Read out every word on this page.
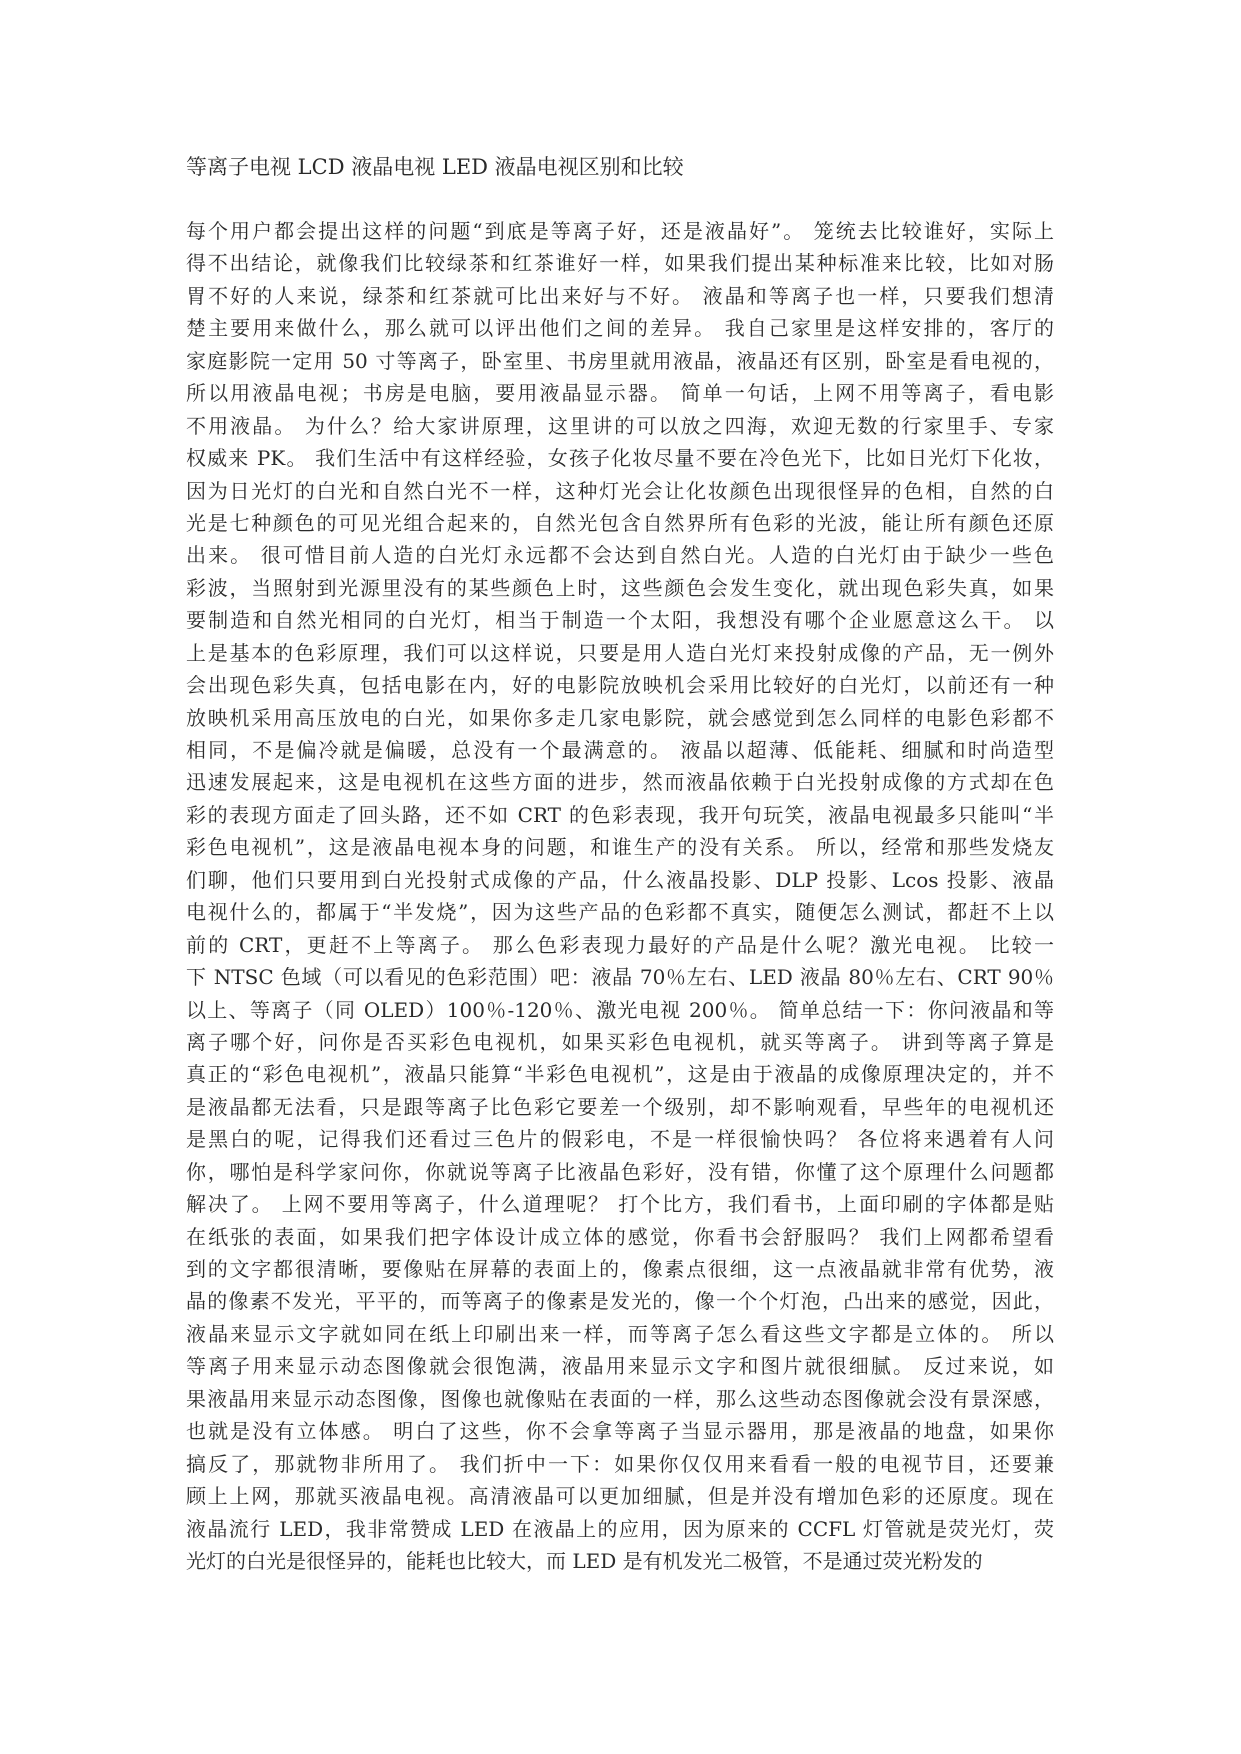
等离子电视 LCD 液晶电视 LED 液晶电视区别和比较
每个用户都会提出这样的问题“到底是等离子好，还是液晶好”。 笼统去比较谁好，实际上
得不出结论，就像我们比较绿茶和红茶谁好一样，如果我们提出某种标准来比较，比如对肠
胃不好的人来说，绿茶和红茶就可比出来好与不好。 液晶和等离子也一样，只要我们想清
楚主要用来做什么，那么就可以评出他们之间的差异。 我自己家里是这样安排的，客厅的
家庭影院一定用 50 寸等离子，卧室里、书房里就用液晶，液晶还有区别，卧室是看电视的，
所以用液晶电视；书房是电脑，要用液晶显示器。 简单一句话，上网不用等离子，看电影
不用液晶。 为什么？给大家讲原理，这里讲的可以放之四海，欢迎无数的行家里手、专家
权威来 PK。 我们生活中有这样经验，女孩子化妆尽量不要在冷色光下，比如日光灯下化妆，
因为日光灯的白光和自然白光不一样，这种灯光会让化妆颜色出现很怪异的色相，自然的白
光是七种颜色的可见光组合起来的，自然光包含自然界所有色彩的光波，能让所有颜色还原
出来。 很可惜目前人造的白光灯永远都不会达到自然白光。人造的白光灯由于缺少一些色
彩波，当照射到光源里没有的某些颜色上时，这些颜色会发生变化，就出现色彩失真，如果
要制造和自然光相同的白光灯，相当于制造一个太阳，我想没有哪个企业愿意这么干。 以
上是基本的色彩原理，我们可以这样说，只要是用人造白光灯来投射成像的产品，无一例外
会出现色彩失真，包括电影在内，好的电影院放映机会采用比较好的白光灯，以前还有一种
放映机采用高压放电的白光，如果你多走几家电影院，就会感觉到怎么同样的电影色彩都不
相同，不是偏冷就是偏暖，总没有一个最满意的。 液晶以超薄、低能耗、细腻和时尚造型
迅速发展起来，这是电视机在这些方面的进步，然而液晶依赖于白光投射成像的方式却在色
彩的表现方面走了回头路，还不如 CRT 的色彩表现，我开句玩笑，液晶电视最多只能叫“半
彩色电视机”，这是液晶电视本身的问题，和谁生产的没有关系。 所以，经常和那些发烧友
们聊，他们只要用到白光投射式成像的产品，什么液晶投影、DLP 投影、Lcos 投影、液晶
电视什么的，都属于“半发烧”，因为这些产品的色彩都不真实，随便怎么测试，都赶不上以
前的 CRT，更赶不上等离子。 那么色彩表现力最好的产品是什么呢？激光电视。 比较一
下 NTSC 色域（可以看见的色彩范围）吧：液晶 70％左右、LED 液晶 80％左右、CRT 90％
以上、等离子（同 OLED）100％-120％、激光电视 200％。 简单总结一下：你问液晶和等
离子哪个好，问你是否买彩色电视机，如果买彩色电视机，就买等离子。 讲到等离子算是
真正的“彩色电视机”，液晶只能算“半彩色电视机”，这是由于液晶的成像原理决定的，并不
是液晶都无法看，只是跟等离子比色彩它要差一个级别，却不影响观看，早些年的电视机还
是黑白的呢，记得我们还看过三色片的假彩电，不是一样很愉快吗？ 各位将来遇着有人问
你，哪怕是科学家问你，你就说等离子比液晶色彩好，没有错，你懂了这个原理什么问题都
解决了。 上网不要用等离子，什么道理呢？ 打个比方，我们看书，上面印刷的字体都是贴
在纸张的表面，如果我们把字体设计成立体的感觉，你看书会舒服吗？ 我们上网都希望看
到的文字都很清晰，要像贴在屏幕的表面上的，像素点很细，这一点液晶就非常有优势，液
晶的像素不发光，平平的，而等离子的像素是发光的，像一个个灯泡，凸出来的感觉，因此，
液晶来显示文字就如同在纸上印刷出来一样，而等离子怎么看这些文字都是立体的。 所以
等离子用来显示动态图像就会很饱满，液晶用来显示文字和图片就很细腻。 反过来说，如
果液晶用来显示动态图像，图像也就像贴在表面的一样，那么这些动态图像就会没有景深感，
也就是没有立体感。 明白了这些，你不会拿等离子当显示器用，那是液晶的地盘，如果你
搞反了，那就物非所用了。 我们折中一下：如果你仅仅用来看看一般的电视节目，还要兼
顾上上网，那就买液晶电视。高清液晶可以更加细腻，但是并没有增加色彩的还原度。现在
液晶流行 LED，我非常赞成 LED 在液晶上的应用，因为原来的 CCFL 灯管就是荧光灯，荧
光灯的白光是很怪异的，能耗也比较大，而 LED 是有机发光二极管，不是通过荧光粉发的
